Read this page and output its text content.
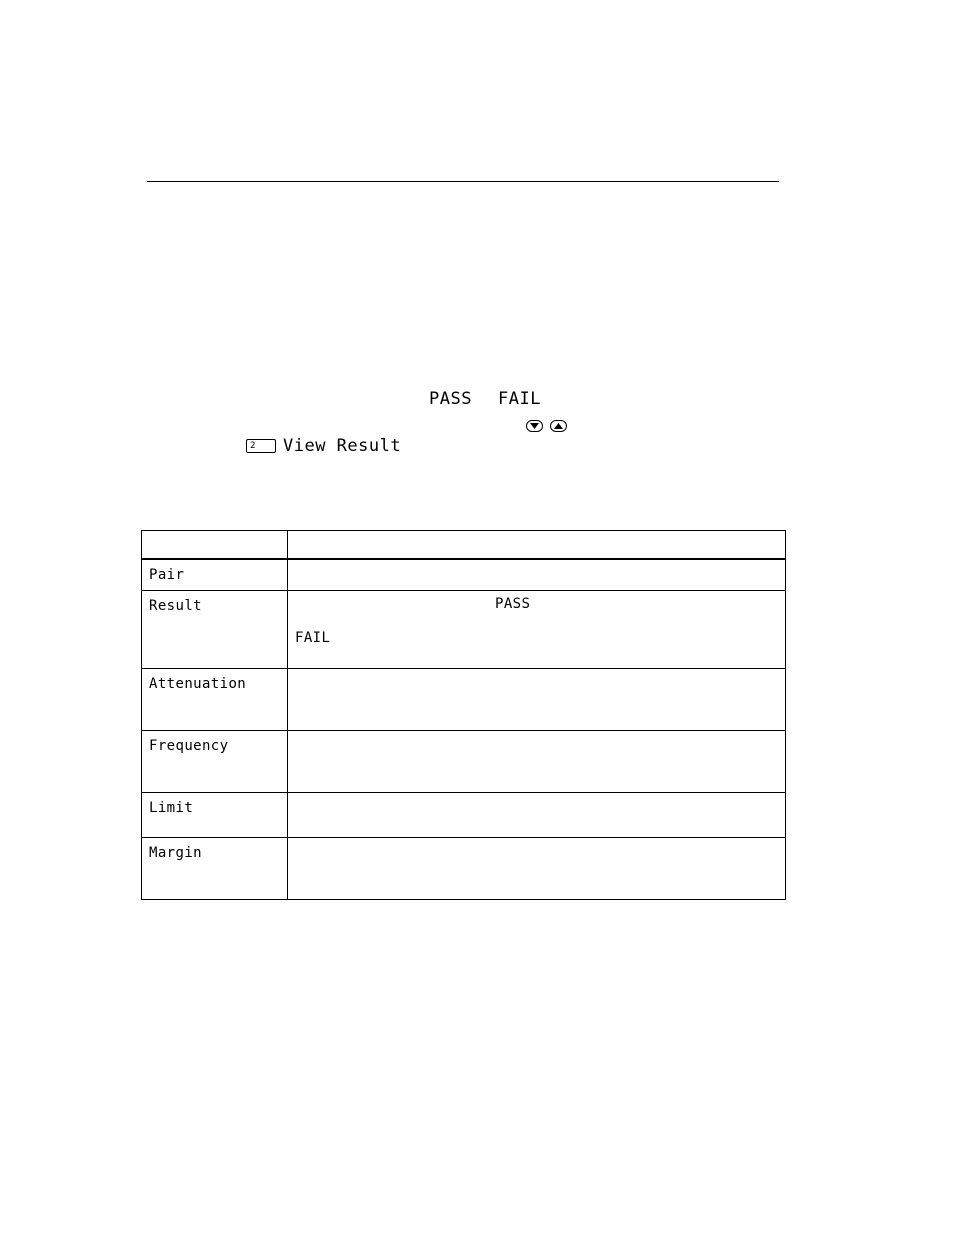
PASS FAIL
2	View Result

Pair	

Result	PASS
FAIL

Attenuation	

Frequency	

Limit	

Margin	
